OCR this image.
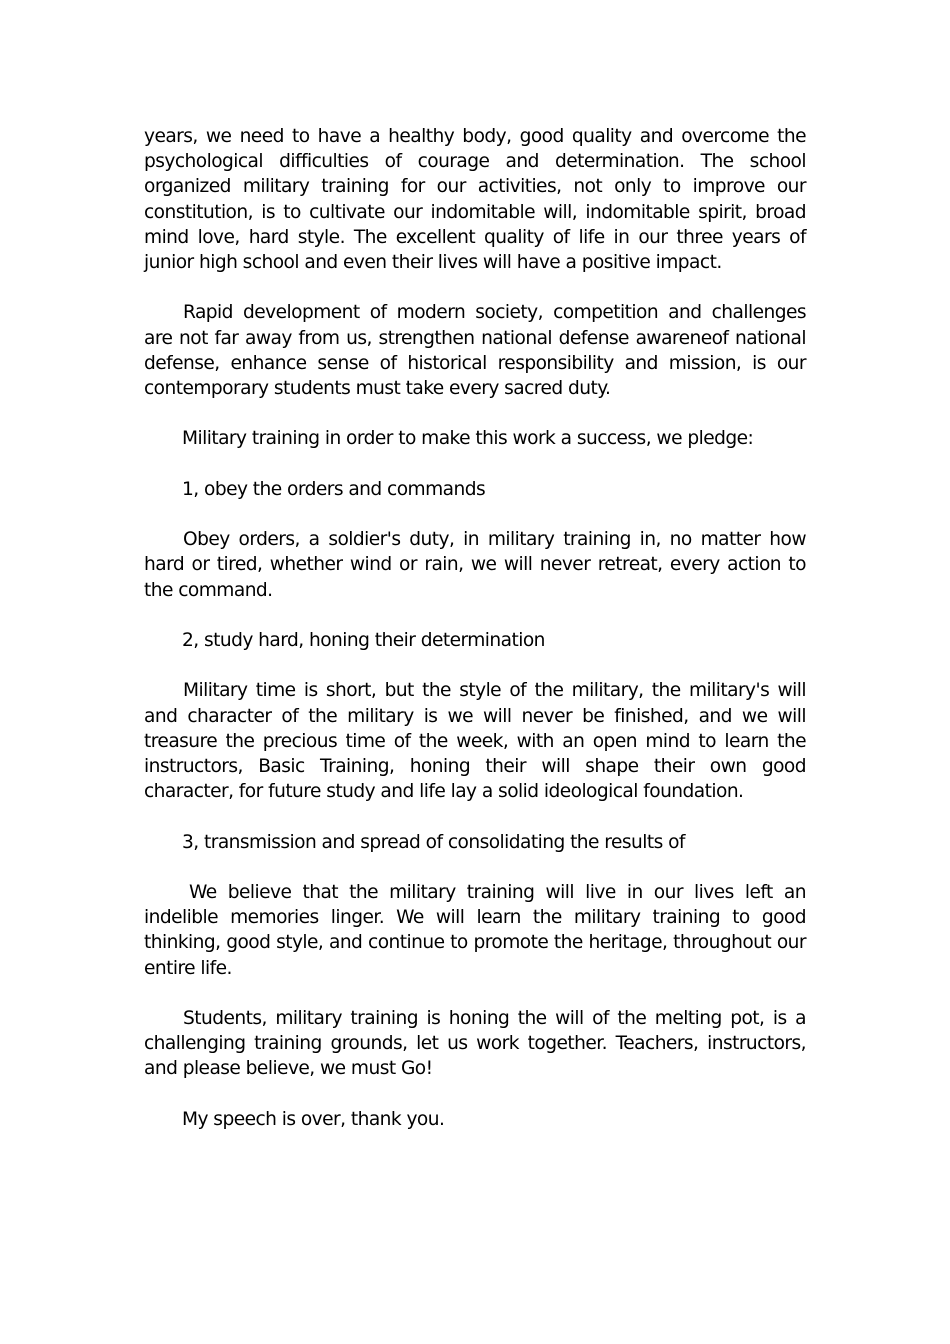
years, we need to have a healthy body, good quality and overcome the psychological difficulties of courage and determination. The school organized military training for our activities, not only to improve our constitution, is to cultivate our indomitable will, indomitable spirit, broad mind love, hard style. The excellent quality of life in our three years of junior high school and even their lives will have a positive impact.

Rapid development of modern society, competition and challenges are not far away from us, strengthen national defense awareneof national defense, enhance sense of historical responsibility and mission, is our contemporary students must take every sacred duty.

Military training in order to make this work a success, we pledge:

1, obey the orders and commands

Obey orders, a soldier's duty, in military training in, no matter how hard or tired, whether wind or rain, we will never retreat, every action to the command.

2, study hard, honing their determination

Military time is short, but the style of the military, the military's will and character of the military is we will never be finished, and we will treasure the precious time of the week, with an open mind to learn the instructors, Basic Training, honing their will shape their own good character, for future study and life lay a solid ideological foundation.

3, transmission and spread of consolidating the results of

We believe that the military training will live in our lives left an indelible memories linger. We will learn the military training to good thinking, good style, and continue to promote the heritage, throughout our entire life.

Students, military training is honing the will of the melting pot, is a challenging training grounds, let us work together. Teachers, instructors, and please believe, we must Go!

My speech is over, thank you.
